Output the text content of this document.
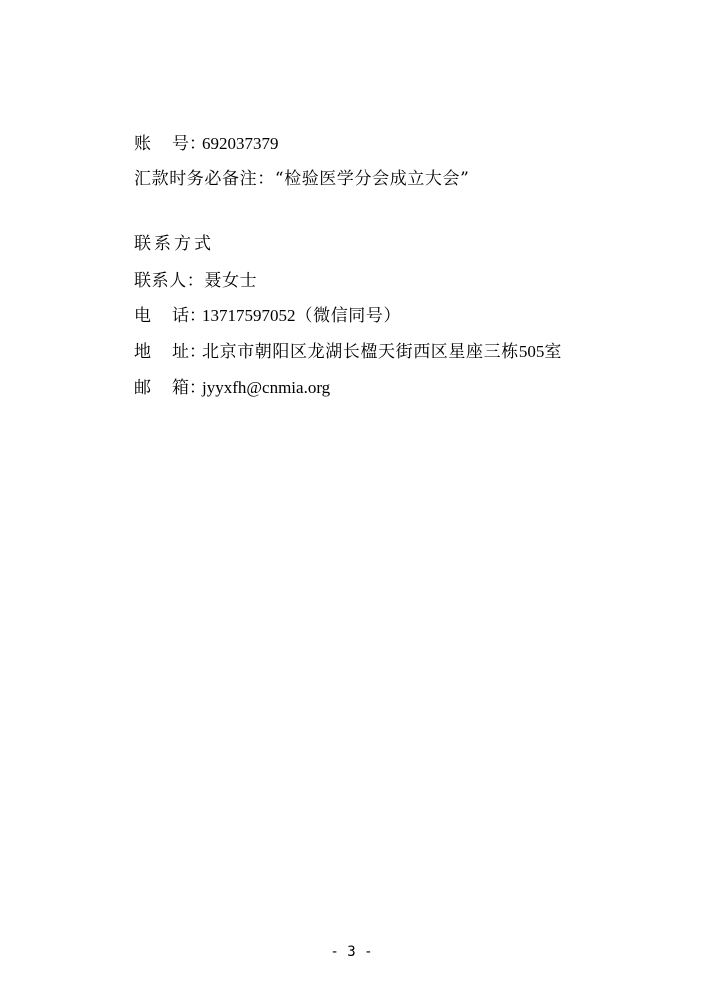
账 号：692037379
汇款时务必备注：“检验医学分会成立大会”
联系方式
联系人：聂女士
电 话：13717597052（微信同号）
地 址：北京市朝阳区龙湖长楹天街西区星座三栋505室
邮 箱：jyyxfh@cnmia.org
- 3 -
